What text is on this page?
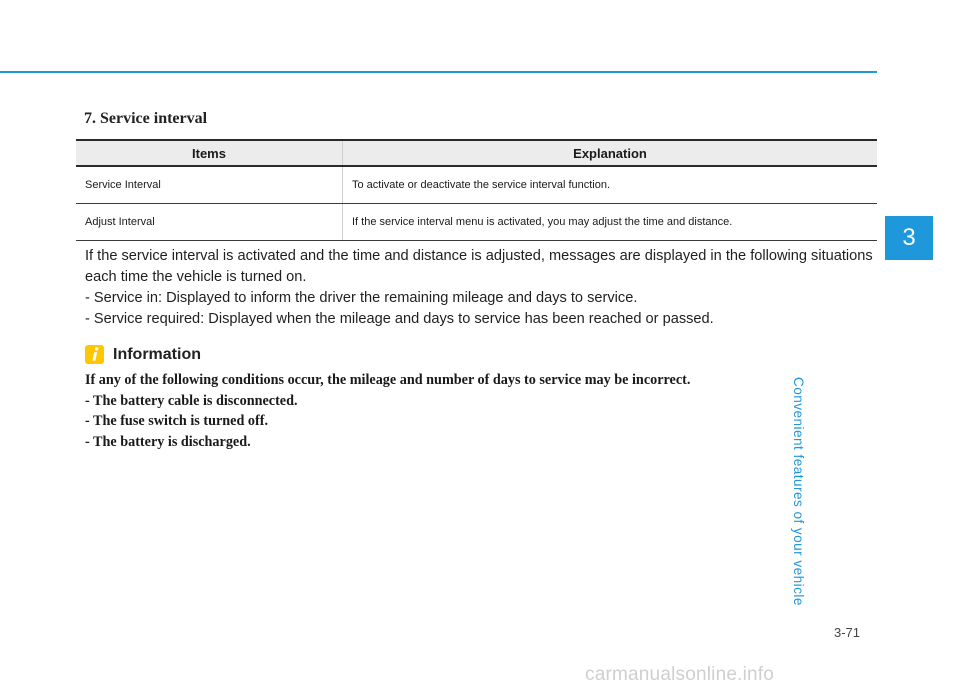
7. Service interval
Items	Explanation
Service Interval	To activate or deactivate the service interval function.
Adjust Interval	If the service interval menu is activated, you may adjust the time and distance.

If the service interval is activated and the time and distance is adjusted, messages are displayed in the following situations each time the vehicle is turned on.

- Service in: Displayed to inform the driver the remaining mileage and days to service.

- Service required: Displayed when the mileage and days to service has been reached or passed.

Information

If any of the following conditions occur, the mileage and number of days to service may be incorrect.

- The battery cable is disconnected.

- The fuse switch is turned off.

- The battery is discharged.

3
Convenient features of your vehicle
3-71
carmanualsonline.info
